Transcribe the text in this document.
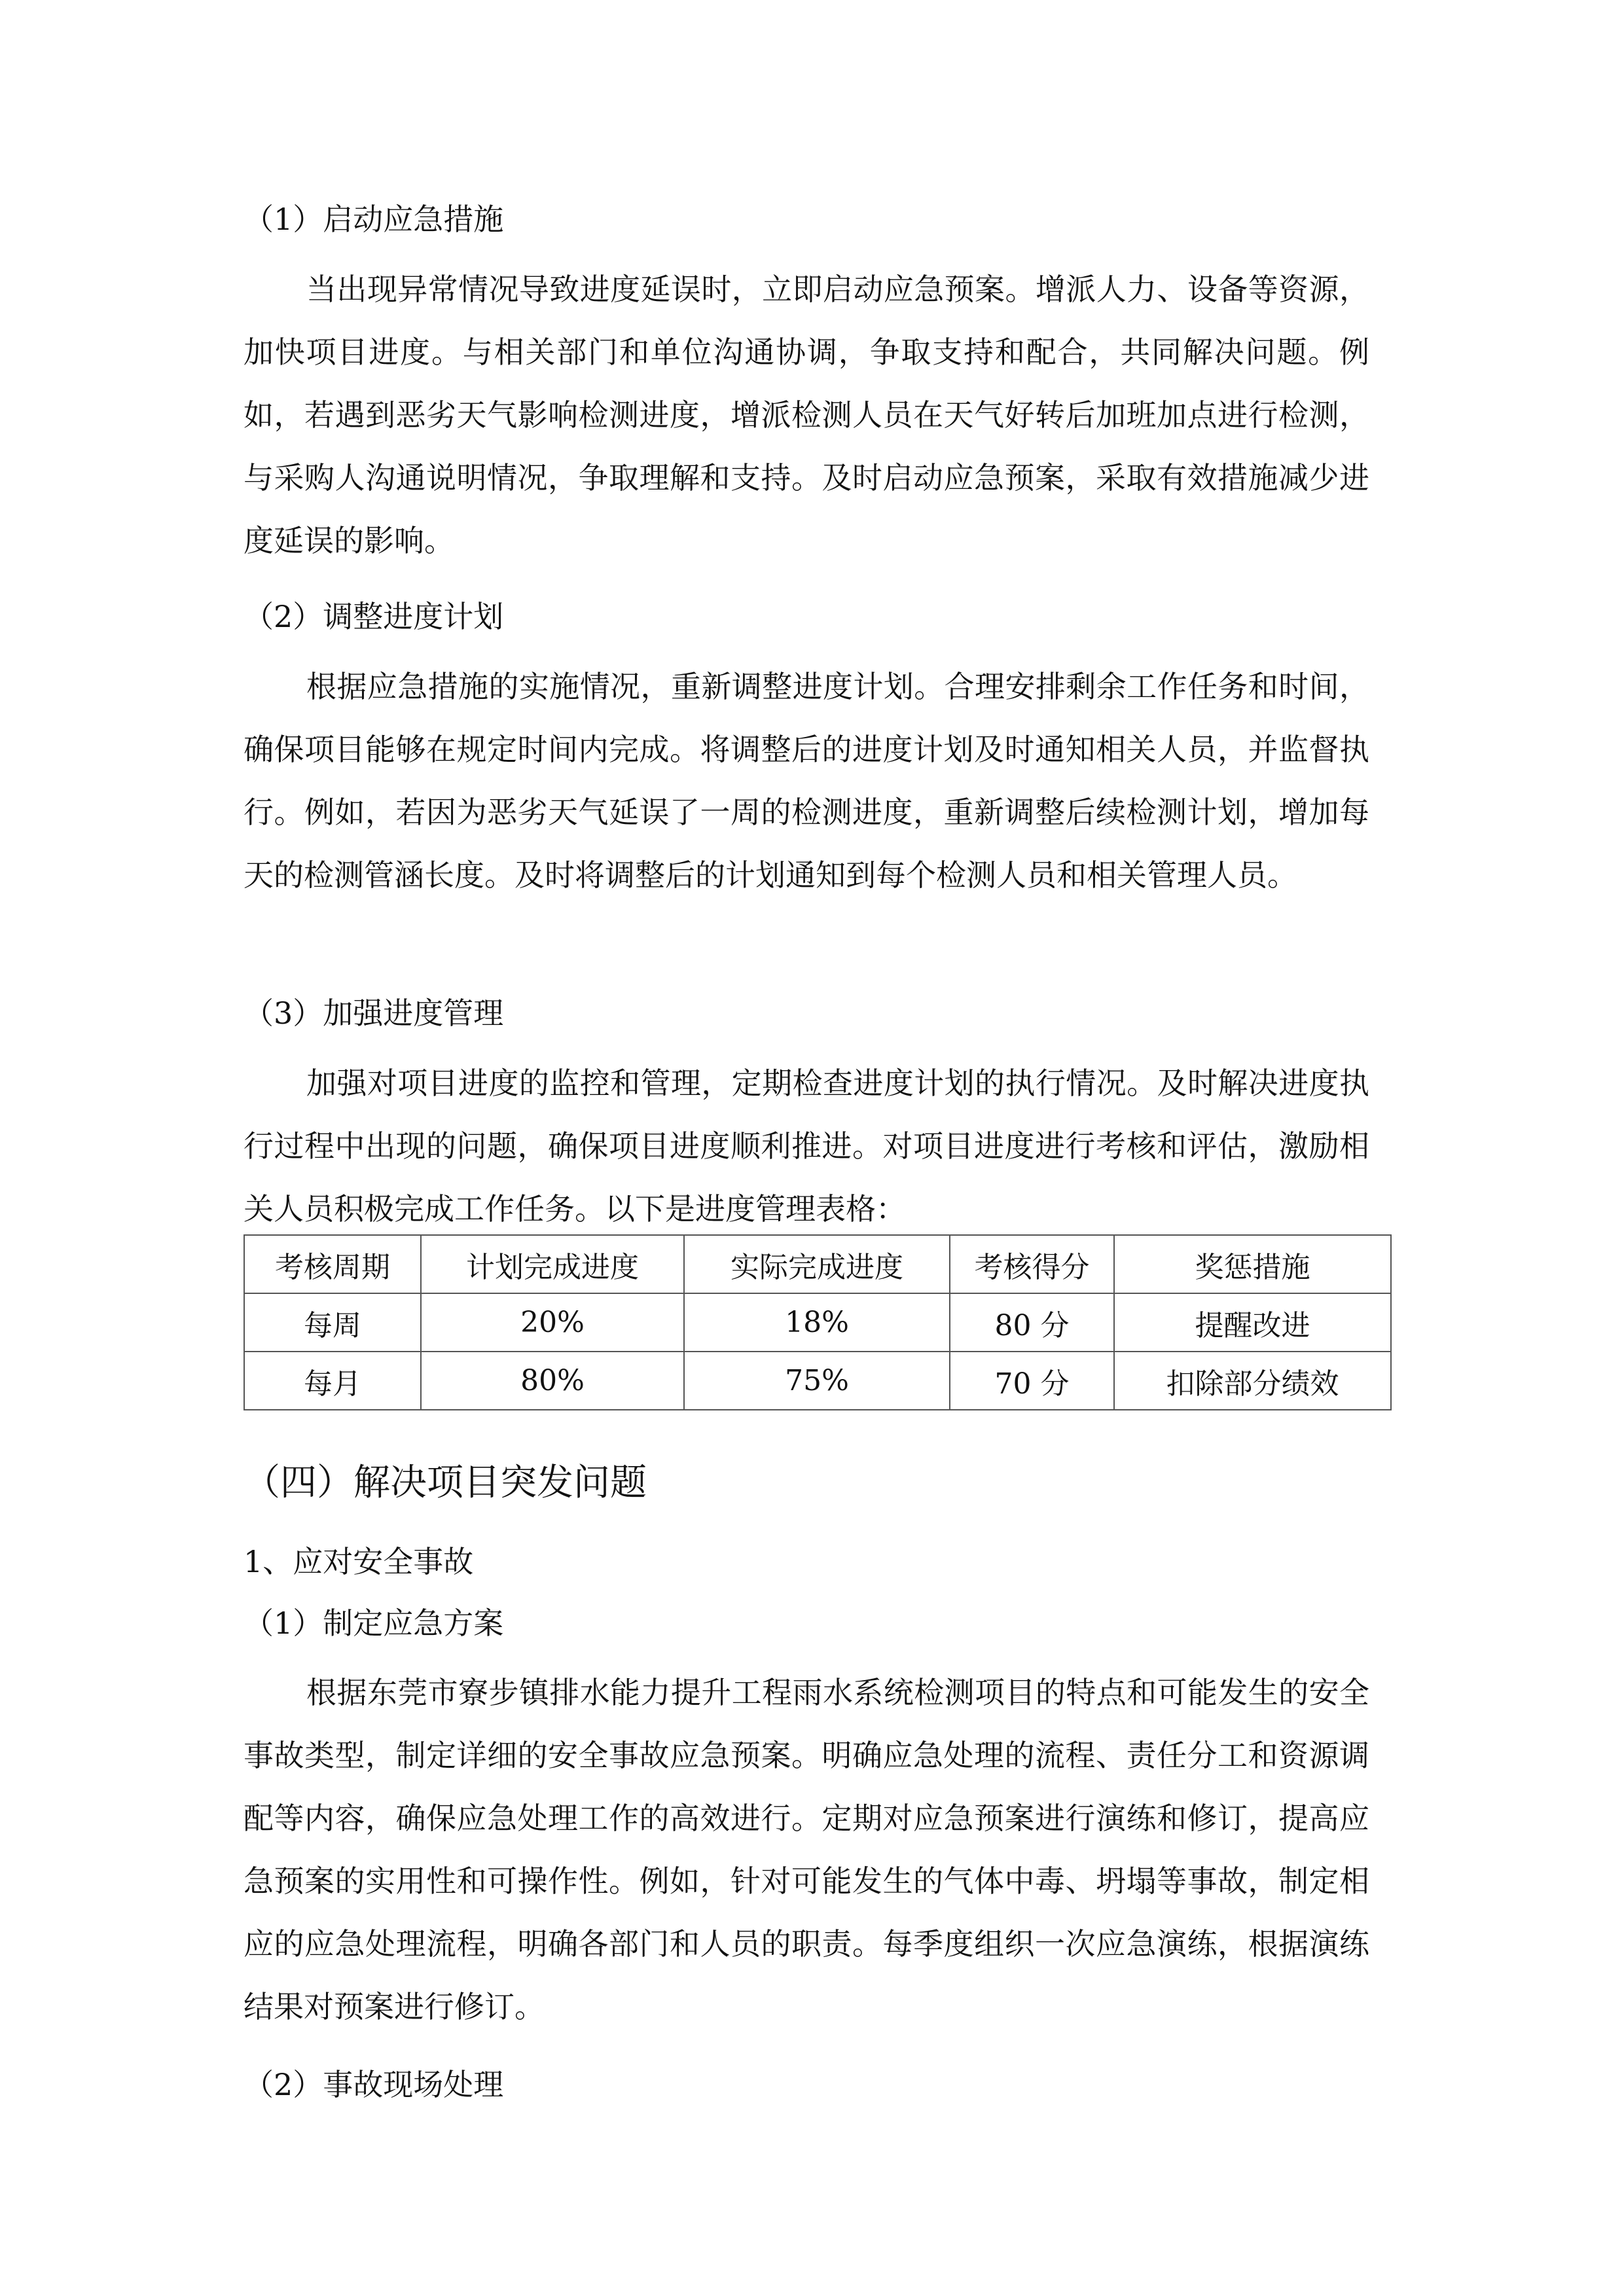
（1）启动应急措施

当出现异常情况导致进度延误时，立即启动应急预案。增派人力、设备等资源，加快项目进度。与相关部门和单位沟通协调，争取支持和配合，共同解决问题。例如，若遇到恶劣天气影响检测进度，增派检测人员在天气好转后加班加点进行检测，与采购人沟通说明情况，争取理解和支持。及时启动应急预案，采取有效措施减少进度延误的影响。

（2）调整进度计划

根据应急措施的实施情况，重新调整进度计划。合理安排剩余工作任务和时间，确保项目能够在规定时间内完成。将调整后的进度计划及时通知相关人员，并监督执行。例如，若因为恶劣天气延误了一周的检测进度，重新调整后续检测计划，增加每天的检测管涵长度。及时将调整后的计划通知到每个检测人员和相关管理人员。

（3）加强进度管理

加强对项目进度的监控和管理，定期检查进度计划的执行情况。及时解决进度执行过程中出现的问题，确保项目进度顺利推进。对项目进度进行考核和评估，激励相关人员积极完成工作任务。以下是进度管理表格：

考核周期	计划完成进度	实际完成进度	考核得分	奖惩措施
每周	20%	18%	80 分	提醒改进
每月	80%	75%	70 分	扣除部分绩效

（四）解决项目突发问题

1、应对安全事故

（1）制定应急方案

根据东莞市寮步镇排水能力提升工程雨水系统检测项目的特点和可能发生的安全事故类型，制定详细的安全事故应急预案。明确应急处理的流程、责任分工和资源调配等内容，确保应急处理工作的高效进行。定期对应急预案进行演练和修订，提高应急预案的实用性和可操作性。例如，针对可能发生的气体中毒、坍塌等事故，制定相应的应急处理流程，明确各部门和人员的职责。每季度组织一次应急演练，根据演练结果对预案进行修订。

（2）事故现场处理
